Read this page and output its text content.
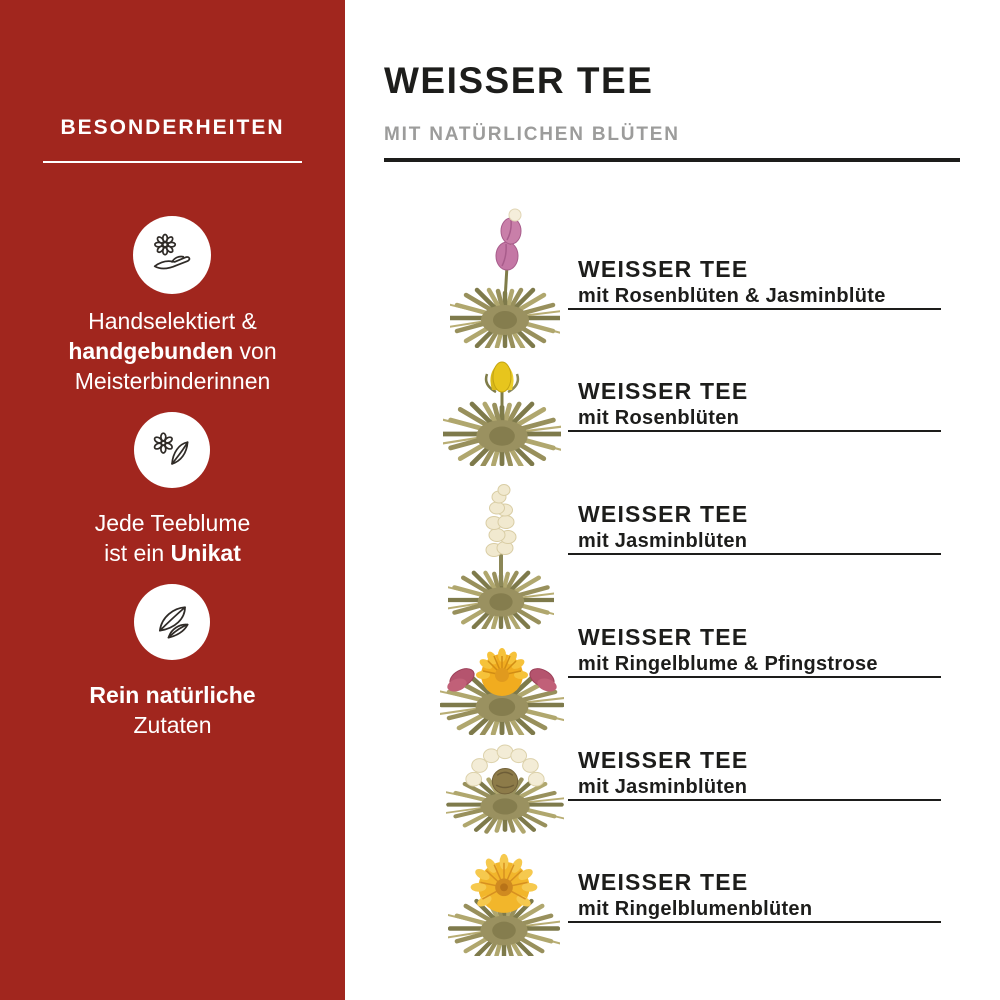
BESONDERHEITEN

Handselektiert &
handgebunden von
Meisterbinderinnen

Jede Teeblume
ist ein Unikat

Rein natürliche
Zutaten

WEISSER TEE
MIT NATÜRLICHEN BLÜTEN
WEISSER TEE
mit Rosenblüten & Jasminblüte
WEISSER TEE
mit Rosenblüten
WEISSER TEE
mit Jasminblüten
WEISSER TEE
mit Ringelblume & Pfingstrose
WEISSER TEE
mit Jasminblüten
WEISSER TEE
mit Ringelblumenblüten
